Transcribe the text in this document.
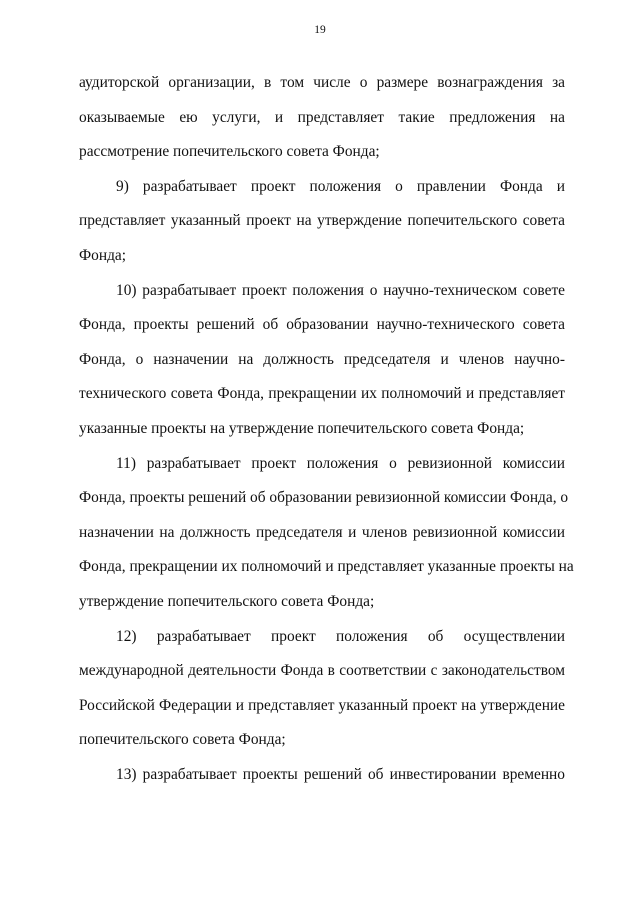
19
аудиторской организации, в том числе о размере вознаграждения за
оказываемые ею услуги, и представляет такие предложения на
рассмотрение попечительского совета Фонда;
9) разрабатывает проект положения о правлении Фонда и
представляет указанный проект на утверждение попечительского совета
Фонда;
10) разрабатывает проект положения о научно-техническом совете
Фонда, проекты решений об образовании научно-технического совета
Фонда, о назначении на должность председателя и членов научно-
технического совета Фонда, прекращении их полномочий и представляет
указанные проекты на утверждение попечительского совета Фонда;
11) разрабатывает проект положения о ревизионной комиссии
Фонда, проекты решений об образовании ревизионной комиссии Фонда, о
назначении на должность председателя и членов ревизионной комиссии
Фонда, прекращении их полномочий и представляет указанные проекты на
утверждение попечительского совета Фонда;
12) разрабатывает проект положения об осуществлении
международной деятельности Фонда в соответствии с законодательством
Российской Федерации и представляет указанный проект на утверждение
попечительского совета Фонда;
13) разрабатывает проекты решений об инвестировании временно
